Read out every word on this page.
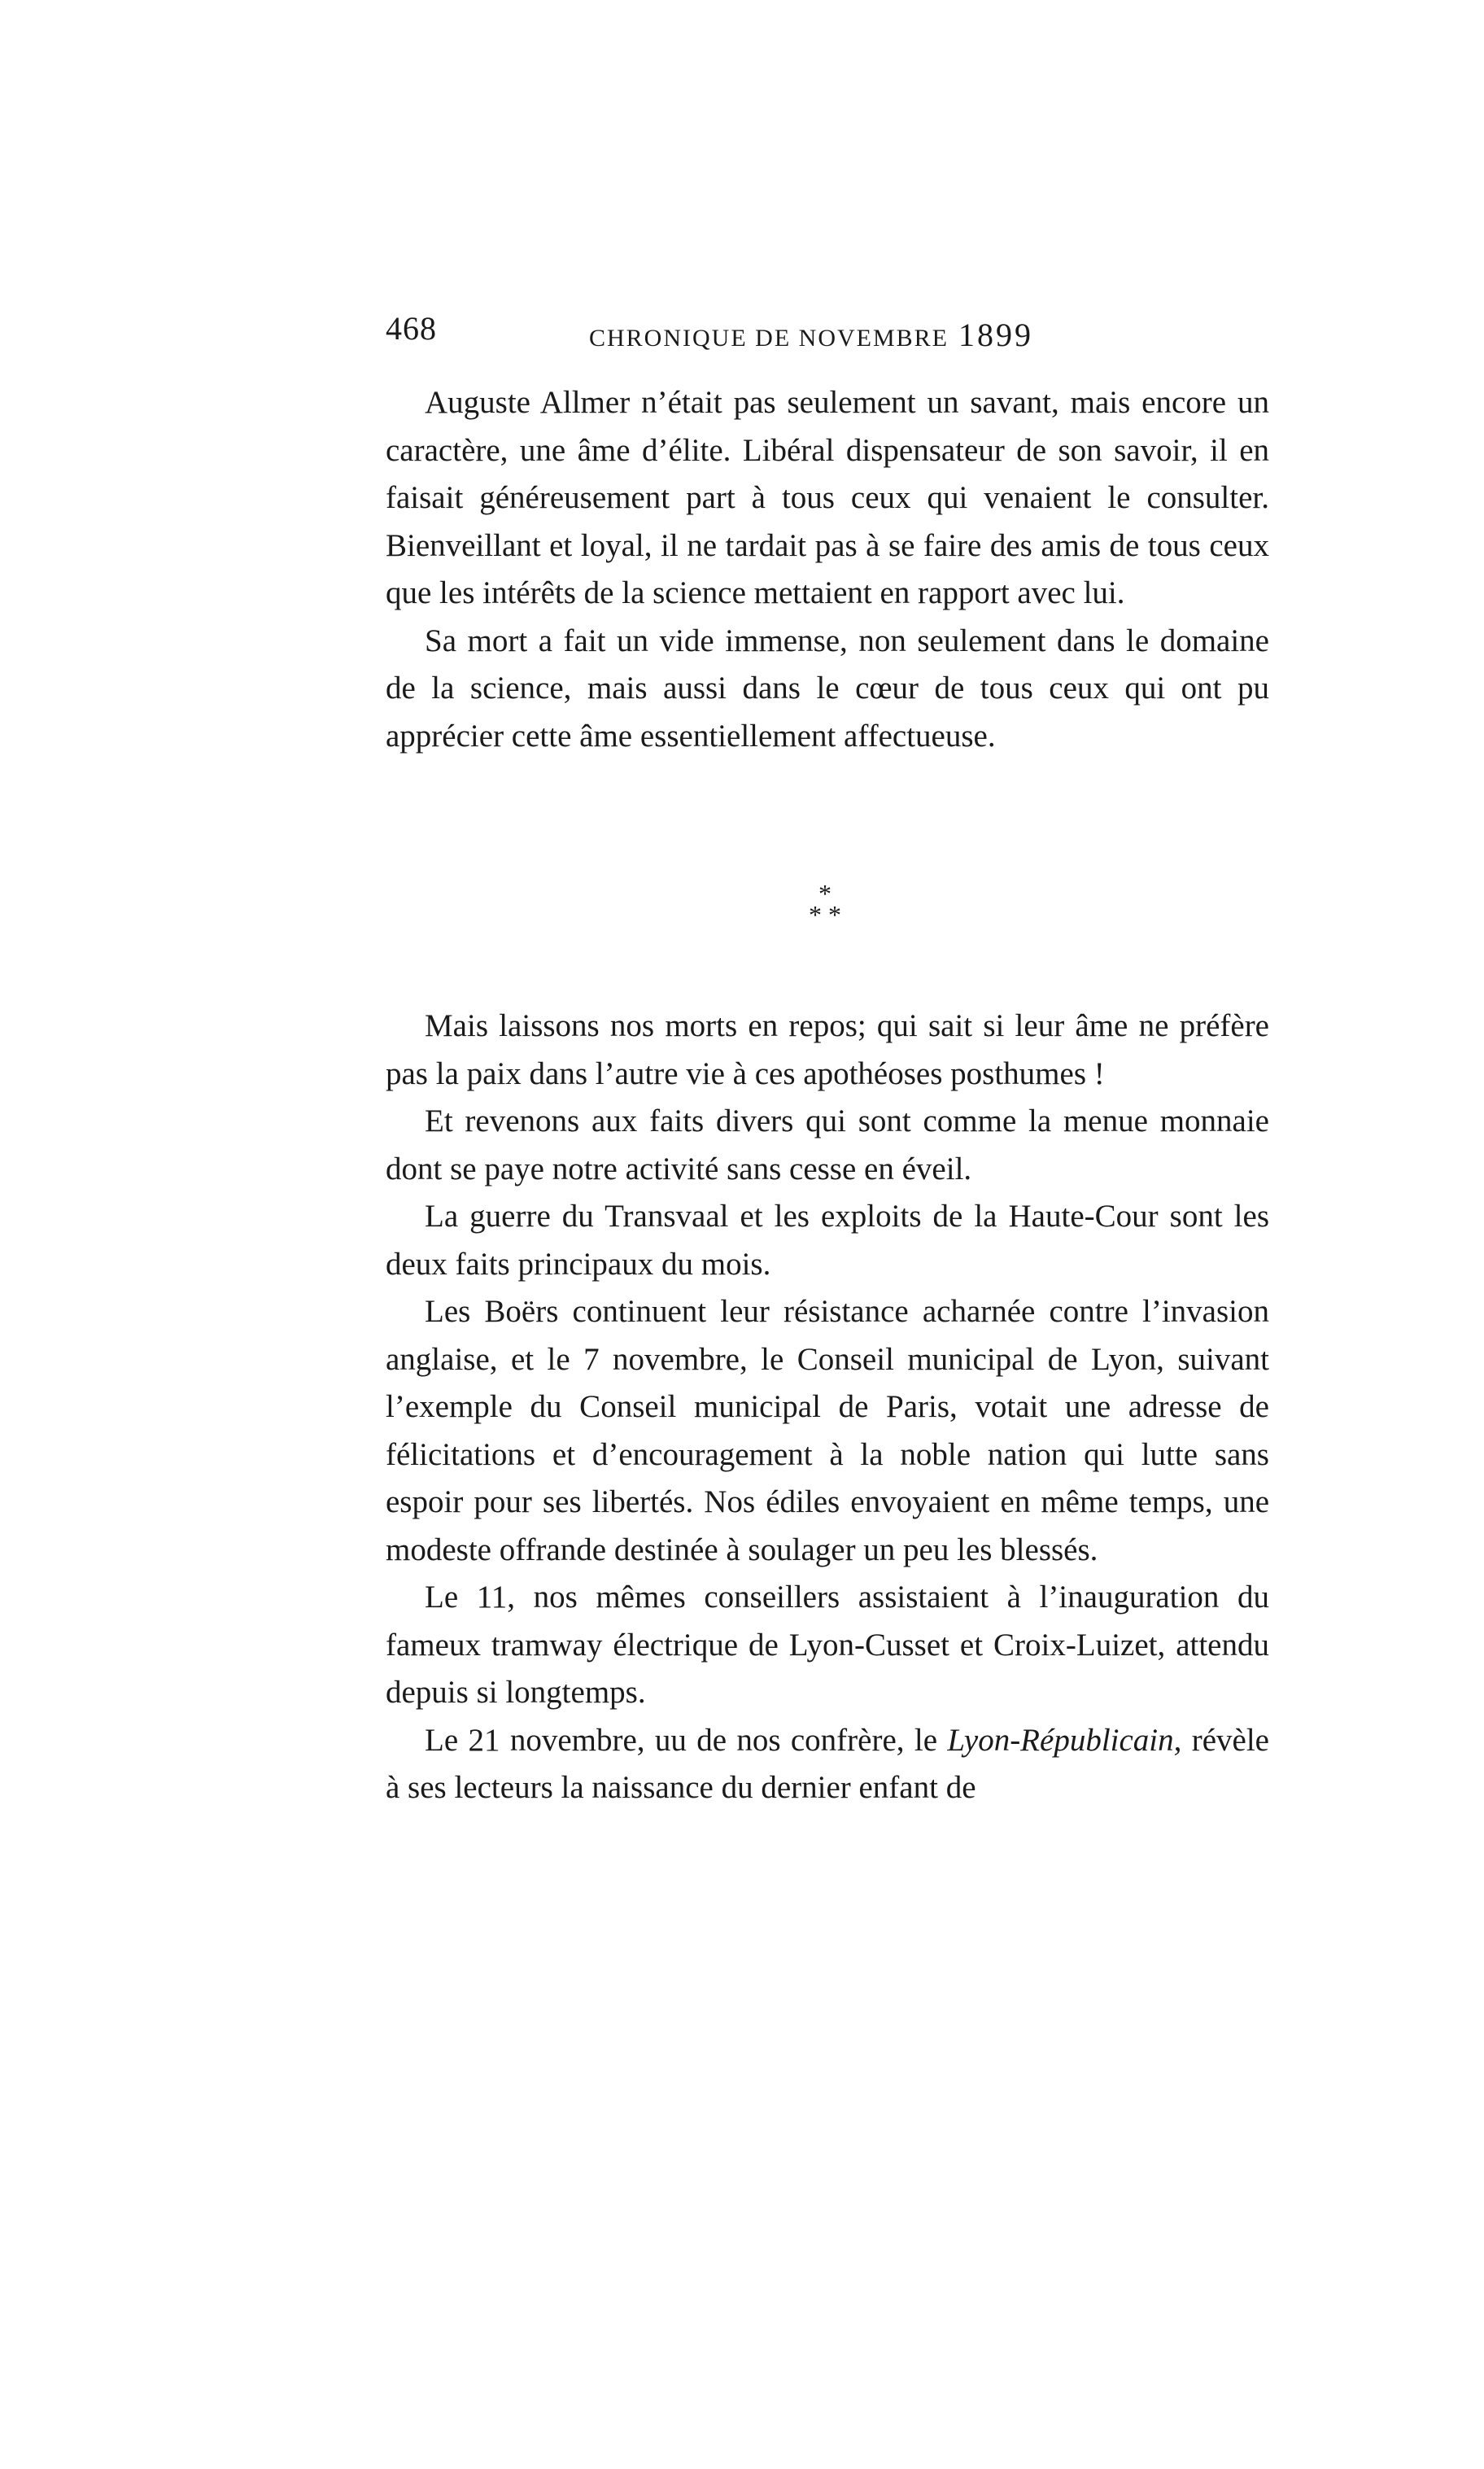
468	CHRONIQUE DE NOVEMBRE 1899

Auguste Allmer n’était pas seulement un savant, mais encore un caractère, une âme d’élite. Libéral dispensateur de son savoir, il en faisait généreusement part à tous ceux qui venaient le consulter. Bienveillant et loyal, il ne tardait pas à se faire des amis de tous ceux que les intérêts de la science mettaient en rapport avec lui.

Sa mort a fait un vide immense, non seulement dans le domaine de la science, mais aussi dans le cœur de tous ceux qui ont pu apprécier cette âme essentiellement affectueuse.

*
* *

Mais laissons nos morts en repos; qui sait si leur âme ne préfère pas la paix dans l’autre vie à ces apothéoses posthumes !

Et revenons aux faits divers qui sont comme la menue monnaie dont se paye notre activité sans cesse en éveil.

La guerre du Transvaal et les exploits de la Haute-Cour sont les deux faits principaux du mois.

Les Boërs continuent leur résistance acharnée contre l’invasion anglaise, et le 7 novembre, le Conseil municipal de Lyon, suivant l’exemple du Conseil municipal de Paris, votait une adresse de félicitations et d’encouragement à la noble nation qui lutte sans espoir pour ses libertés. Nos édiles envoyaient en même temps, une modeste offrande destinée à soulager un peu les blessés.

Le 11, nos mêmes conseillers assistaient à l’inauguration du fameux tramway électrique de Lyon-Cusset et Croix-Luizet, attendu depuis si longtemps.

Le 21 novembre, uu de nos confrère, le Lyon-Républicain, révèle à ses lecteurs la naissance du dernier enfant de
